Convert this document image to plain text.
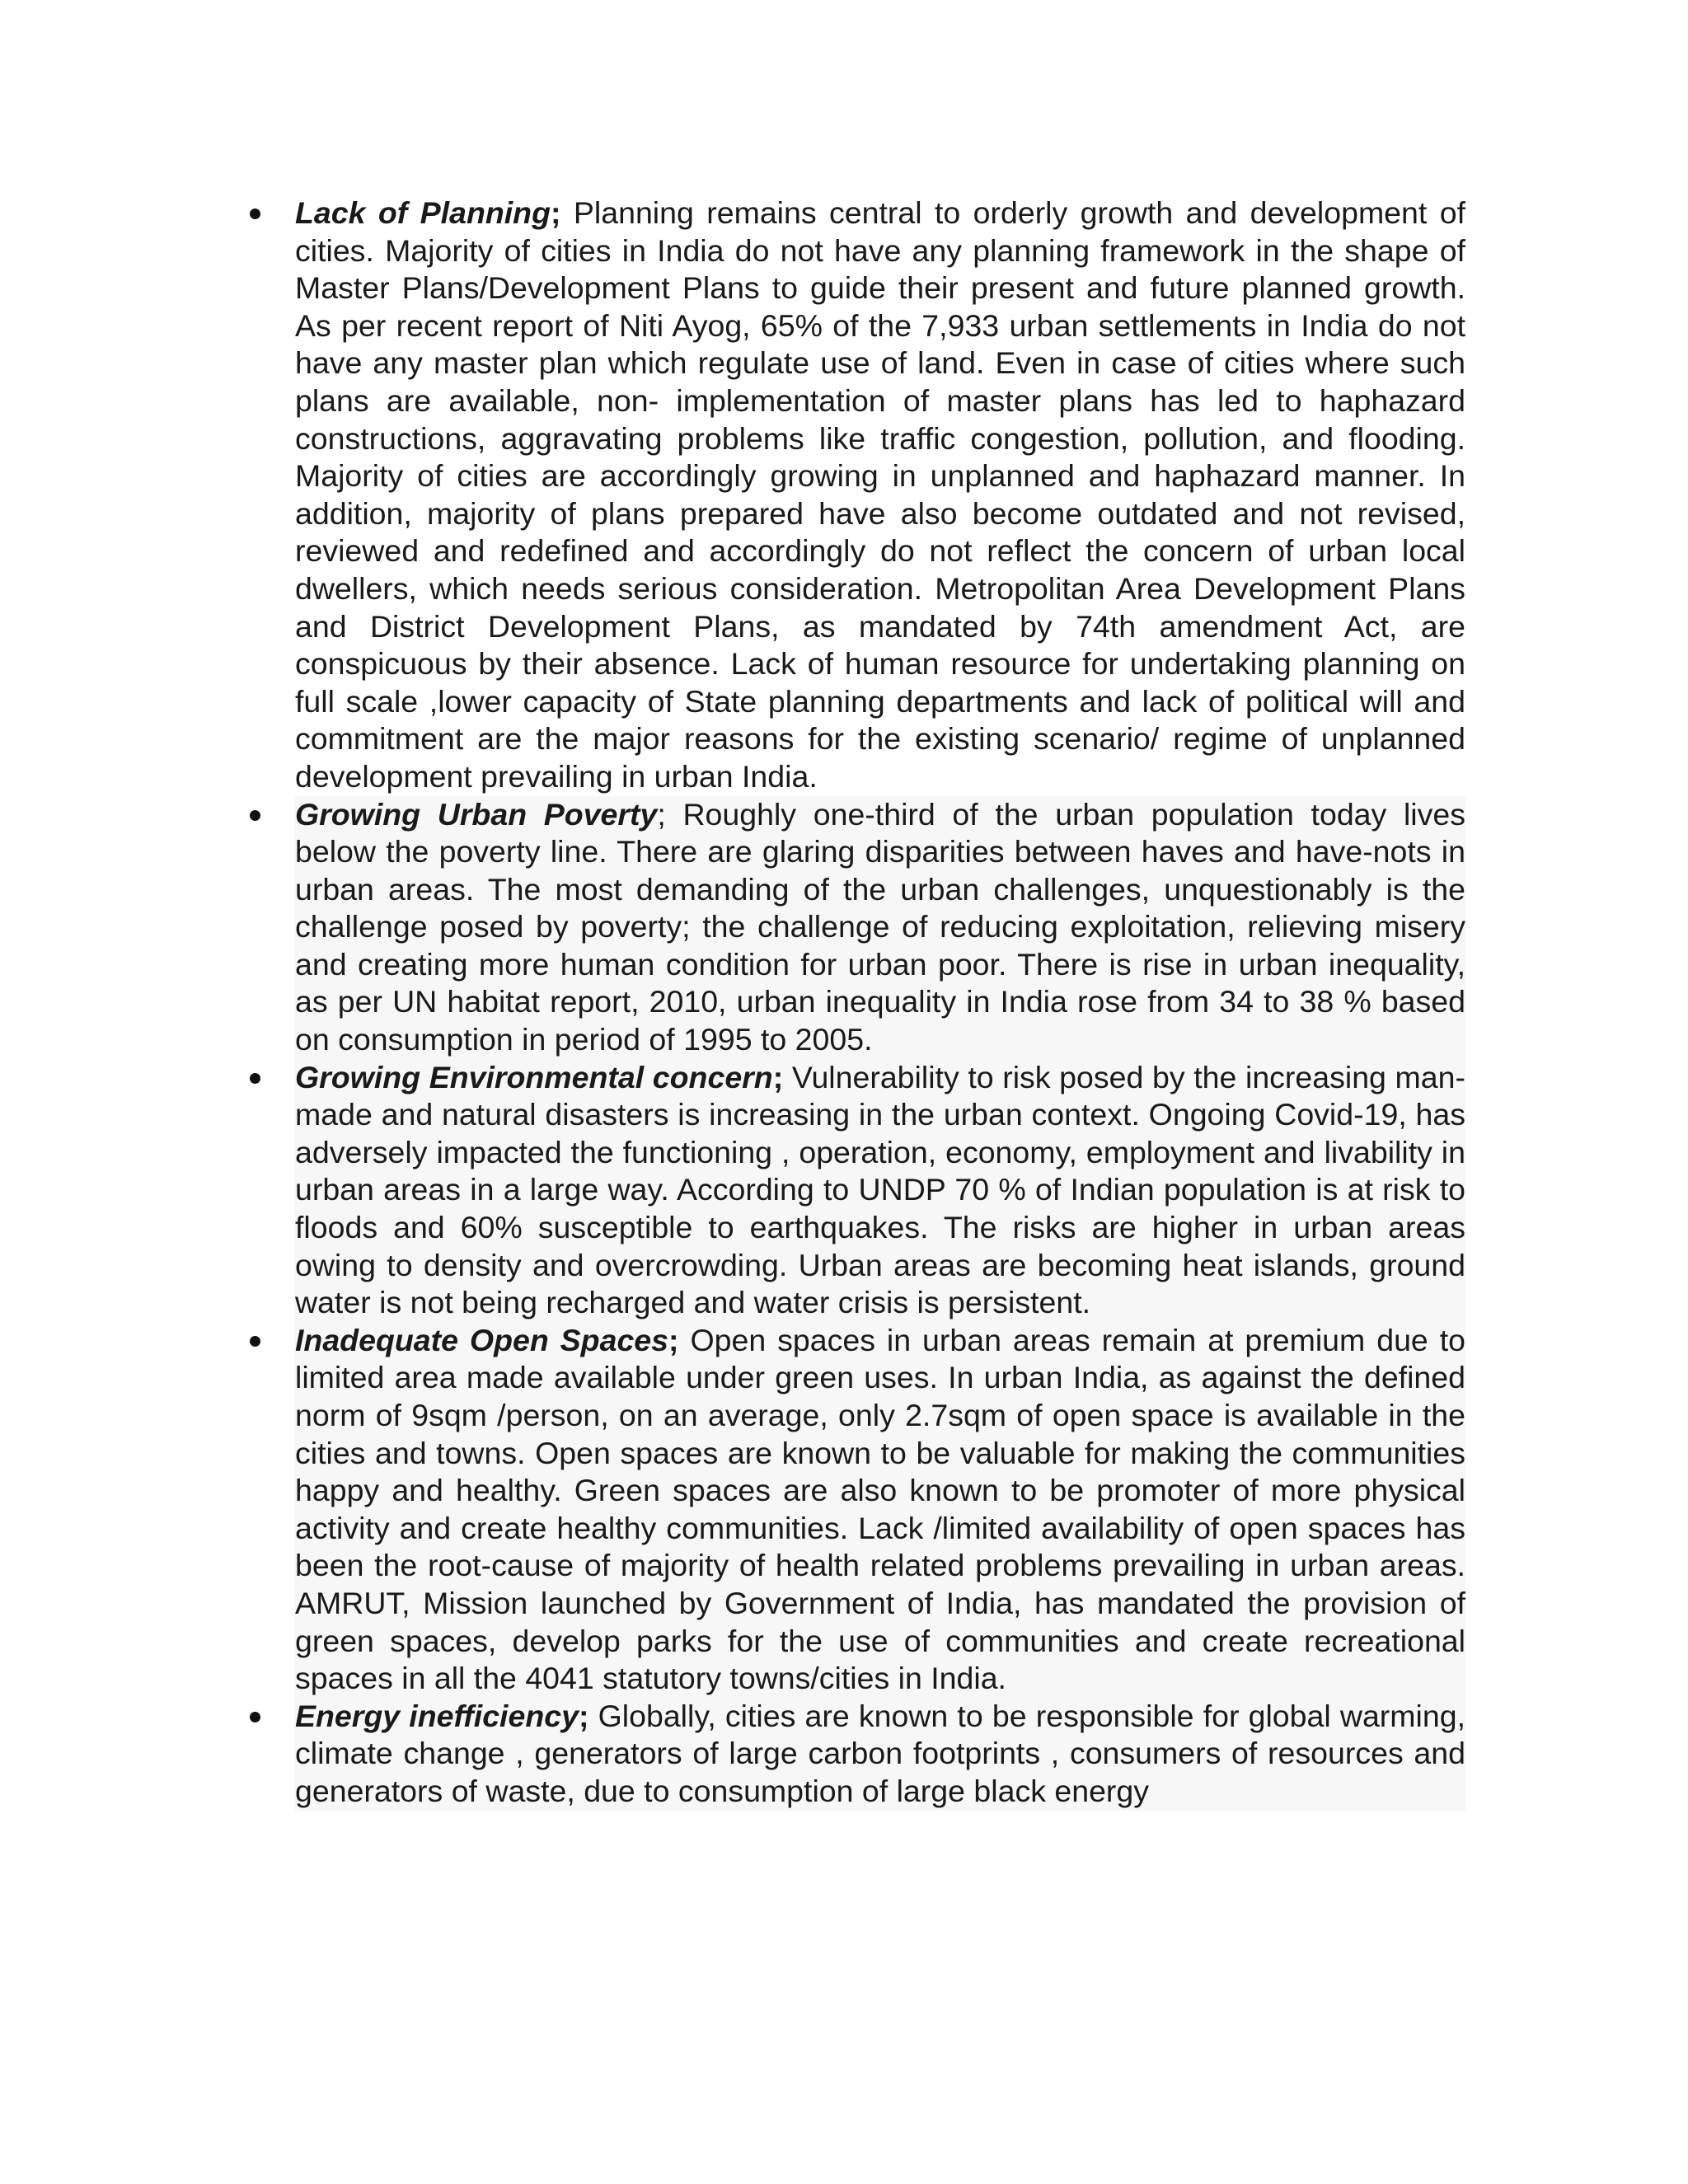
Lack of Planning; Planning remains central to orderly growth and development of cities. Majority of cities in India do not have any planning framework in the shape of Master Plans/Development Plans to guide their present and future planned growth. As per recent report of Niti Ayog, 65% of the 7,933 urban settlements in India do not have any master plan which regulate use of land. Even in case of cities where such plans are available, non- implementation of master plans has led to haphazard constructions, aggravating problems like traffic congestion, pollution, and flooding. Majority of cities are accordingly growing in unplanned and haphazard manner. In addition, majority of plans prepared have also become outdated and not revised, reviewed and redefined and accordingly do not reflect the concern of urban local dwellers, which needs serious consideration. Metropolitan Area Development Plans and District Development Plans, as mandated by 74th amendment Act, are conspicuous by their absence. Lack of human resource for undertaking planning on full scale ,lower capacity of State planning departments and lack of political will and commitment are the major reasons for the existing scenario/ regime of unplanned development prevailing in urban India.
Growing Urban Poverty; Roughly one-third of the urban population today lives below the poverty line. There are glaring disparities between haves and have-nots in urban areas. The most demanding of the urban challenges, unquestionably is the challenge posed by poverty; the challenge of reducing exploitation, relieving misery and creating more human condition for urban poor. There is rise in urban inequality, as per UN habitat report, 2010, urban inequality in India rose from 34 to 38 % based on consumption in period of 1995 to 2005.
Growing Environmental concern; Vulnerability to risk posed by the increasing man-made and natural disasters is increasing in the urban context. Ongoing Covid-19, has adversely impacted the functioning , operation, economy, employment and livability in urban areas in a large way. According to UNDP 70 % of Indian population is at risk to floods and 60% susceptible to earthquakes. The risks are higher in urban areas owing to density and overcrowding. Urban areas are becoming heat islands, ground water is not being recharged and water crisis is persistent.
Inadequate Open Spaces; Open spaces in urban areas remain at premium due to limited area made available under green uses. In urban India, as against the defined norm of 9sqm /person, on an average, only 2.7sqm of open space is available in the cities and towns. Open spaces are known to be valuable for making the communities happy and healthy. Green spaces are also known to be promoter of more physical activity and create healthy communities. Lack /limited availability of open spaces has been the root-cause of majority of health related problems prevailing in urban areas. AMRUT, Mission launched by Government of India, has mandated the provision of green spaces, develop parks for the use of communities and create recreational spaces in all the 4041 statutory towns/cities in India.
Energy inefficiency; Globally, cities are known to be responsible for global warming, climate change , generators of large carbon footprints , consumers of resources and generators of waste, due to consumption of large black energy
